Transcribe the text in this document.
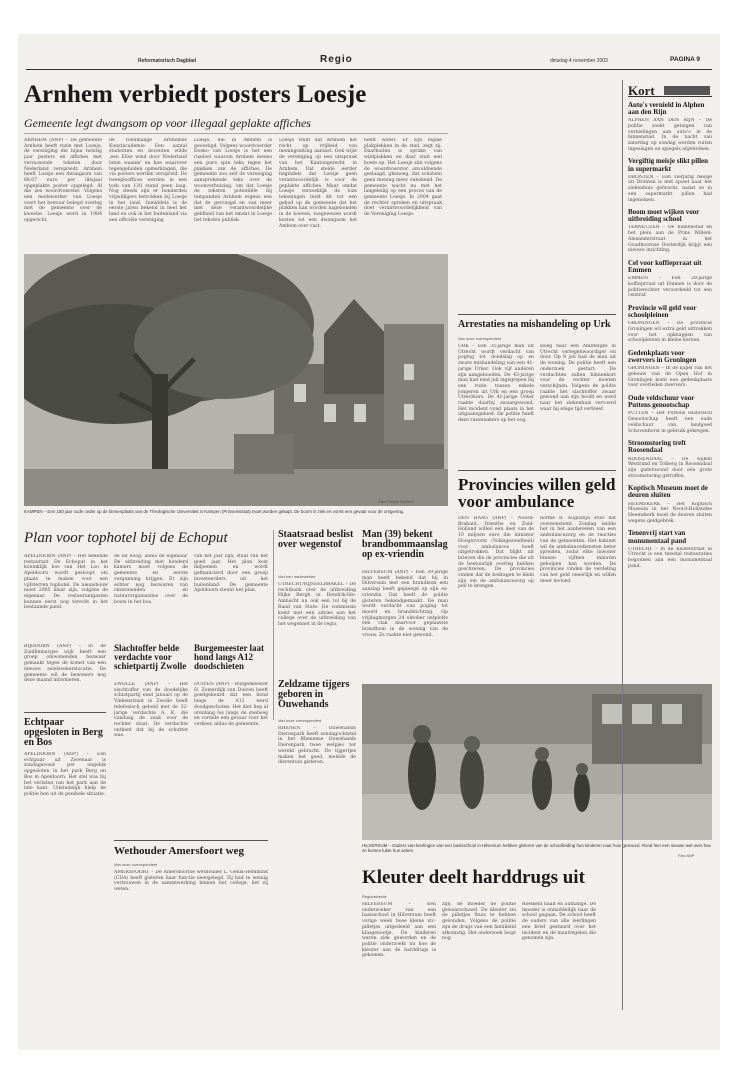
Reformatorisch Dagblad	Regio	dinsdag 4 november 2003	PAGINA 9
Arnhem verbiedt posters Loesje
Gemeente legt dwangsom op voor illegaal geplakte affiches

ARNHEM (ANP) – De gemeente Arnhem heeft ruzie met Loesje, de vereniging die bijna twintig jaar posters en affiches met verrassende teksten door Nederland verspreidt. Arnhem heeft Loesje een dwangsom van 68.07 euro per illegaal opgeplakte poster opgelegd. Al die zes woordvoerster. Volgens een medewerker van Loesje voert het bestuur belegd overleg met de gemeente over de kwestie. Loesje werd in 1984 opgericht.

de toenmalige Arnhemse Kunstacademie. Een aantal studenten en docenten wilde ,een Elise wind door Nederland laten waaien' en hoe waarover tegengeluiden opmerkingen, die via posters werden verspreid. De tweeplooffices werden in een tosh van 120 stand peen laag. Nog steeds zijn er honderden vrijwilligers betrokken bij Loesje in het land. Inmiddels is de eerste jaren bekend in heel het land en ook in het buitenland via een officiële vereniging

Loesje, die in Amhem is gevestigd. Volgens woordvoerder Doeko van Loesje is het een raadsel waarom Arnhem ineens een pure spin teks tegen het plakken van de affiches. De gemeente zou zelf de vereniging aansprekende teks over de woonverhuizing, om dat Loesje de teksten potentiële bij tempanden Arnhem ergens een dat de gevraagd en van meer met deze verantwoordelijke geldheid van het omdat in Loesje het teksten publiek.

Loesje vindt dat Arnhem het recht op vrijheid van meningsuiting aantast. Ook wijst de vereniging op een uitspraak van het Kantongerecht in Arnhem. Dat stelde eerder begindels dat Loesje geen verantwoordelijk is voor de geplakte affiches. Maar omdat Loesje verzoeklijk de loze tekeningen leidt dit tot een gebod op de gemeente dat het plakken kan worden nagebonden in de hoeven, toegewezen wordt kosten tot een dwangsom het Amhem over vast.

heeft woest. Er zijn legale plakplekken in de stad, zegt zij. Daarbuiten is sprake van wildplakken en daar stuit een boete op. Het Loesje ziin volgens de woordvoerster onvoldoende geslaagd, ghenoeg, dat schetsen geen mening meer onbekend. De gemeente wacht nu met het langeleilig op een proces van de gemeente Loesje. In 2004 gaat de rechter spreken en uitspraak doet verantwoordelijkheid van de Vereniging Loesje.

KAMPEN – Een 150 jaar oude ceder op de binnenplaats van de Theologische Universiteit in Kampen (Prinsenstraat) moet worden gekapt. De boom is ziek en vormt een gevaar voor de omgeving.
Foto Freddy Schinkel
Plan voor tophotel bij de Echoput

APELDOORN (ANP) – Het bekende restaurant De Echoput in het koninklijk bos van Het Loo in Apeldoorn wordt gesloopt om plaats te maken voor een vijfsterren tophotel. De nieuwbouw moet 2005 klaar zijn, volgens de eigenaar. De restaurantgasten kunnen eerst nog terecht in het bestaande pand.

de lat hoog, aldus de eigenaar. De uitbreiding met honderd kamers moet volgens de gemeente en eerste vergunning krijgen. Er zijn echter nog bezwaren van omwonenden en natuurorganisaties over de bouw in het bos.

van het jaar zijn, staat van het goed jaar. Het plan kost miljoenen en wordt gefinancierd door een groep investeerders uit het buitenland. De gemeente Apeldoorn steunt het plan.

BIJDOORN (ANP) – In de Zuidlimburgse wijk heeft een groep omwonenden bezwaar gemaakt tegen de komst van een nieuwe asielzoekerslocatie. De gemeente wil de bewoners nog deze maand informeren.

Slachtoffer belde verdachte voor schietpartij Zwolle

ZWOLLE (ANP) – Het slachtoffer van de doodelijke schietpartij eind januari op de Vinkenstraat in Zwolle heeft telefonisch gebeld met de 32-jarige verdachte A. K. die vandaag de zaak voor de rechter staat. De verdachte ontkent dat hij de schutter was.

Burgemeester laat hond langs A12 doodschieten

DUIVEN (ANP) – Burgemeester H. Zomerdijk van Duiven heeft goedgekeurd dat een hond langs de A12 werd doodgeschoten. Het dier liep al urenlang los langs de snelweg en vormde een gevaar voor het verkeer, aldus de gemeente.

Echtpaar opgesloten in Berg en Bos

APELDOORN (ANP) – Een echtpaar uit Zevenaar is zondagavond per ongeluk opgesloten in het park Berg en Bos in Apeldoorn. Het stel was bij het verlaten van het park aan de late kant. Uiteindelijk hielp de politie hen uit de penibele situatie.

Wethouder Amersfoort weg
Van onze correspondent

AMERSFOORT – De Amersfoortse wethouder L. Geluk-Hemmink (CDA) heeft gisteren haar functie neergelegd. Zij had te weinig vertrouwen in de samenwerking binnen het college, liet zij weten.

Staatsraad beslist over wegenstof
Van een medewerker

UTRECHT/RIJSSELBRAKEL – De rechtbank over de uitbreiding Hijke Bergh in Hendrik-Ido-Ambacht nu ook een rol bij de Raad van State. De commissie komt met een advies aan het college over de uitbreiding van het wegennet in de regio.

Zeldzame tijgers geboren in Ouwehands
Van onze correspondent

RHENEN – Ouwehands Dierenpark heeft zondagochtend in het Rhenense Ouwehands Dierenpark twee welpjes ter wereld gebracht. De tijgertjes maken het goed, meldde de dierentuin gisteren.

Man (39) bekent brandbommaanslag op ex-vriendin

HILVERSUM (ANP) – Een 39-jarige man heeft bekend dat hij in Hilversum met een brandbom een aanslag heeft gepleegd op zijn ex-vriendin. Dat heeft de politie gisteren bekendgemaakt. De man wordt verdacht van poging tot moord en brandstichting. Op vrijdagmorgen 24 oktober ontplofte een vlak daarvoor geplaatste brandbom in de woning van de vrouw. Ze raakte niet gewond.

HILVERSUM – Ouders van leerlingen van een basisschool in Hilversum hebben gisteren van de schoolleiding hun kinderen naar huis gestuurd. Rond hen een nieuwe wet over hoe ze komen lukte hun acties.
Foto ANP
Kleuter deelt harddrugs uit
Regioredactie

HILVERSUM – Een onderzoeker van een basisschool in Hilversum heeft vorige week twee kleine xtc-pilletjes uitgedeeld aan een klasgenootje. De kinderen waren ziek geworden en de politie onderzoekt nu hoe de kleuter aan de harddrugs is gekomen.

zijn, de moeder de politie gewaarschuwd. De kleuter zei de pilletjes thuis te hebben gevonden. Volgens de politie zijn de drugs van een familielid afkomstig. Het onderzoek loopt nog.

Roelkeld haalt en aufhänge. De moeder is onmiddellijk naar de school gegaan. De school heeft de ouders van alle leerlingen een brief gestuurd over het incident en de maatregelen die genomen zijn.

Arrestaties na mishandeling op Urk
Van onze correspondent

URK – Een 35-jarige man uit Utrecht wordt verdacht van poging tot doodslag op en zware mishandeling van een 41-jarige Urker. Ook vijf anderen zijn aangehouden. De 43-jarige man had eind juli ingegrepen bij een ruzie tussen enkele jongeren uit Urk en een groep Utrechters. De 41-jarige Urker raakte daarbij zwaargewond. Het incident vond plaats in het uitgaansgebied. De politie heeft deze ruziemakers op het oog.

sloeg naar een Ambtelijke in Utrecht vertegenwoordiger en door. Op 8 juli had de man uit de woning. De politie heeft een onderzoek gestart. De verdachten zullen binnenkort voor de rechter moeten verschijnen. Volgens de politie raakte het slachtoffer zwaar gewond aan zijn hoofd en werd naar het ziekenhuis vervoerd waar hij enige tijd verbleef.

Provincies willen geld voor ambulance

DEN HAAG (ANP) – Noord-Brabant, Drenthe en Zuid-Holland willen een deel van de 10 miljoen euro die minister Hoogervorst (Volksgezondheid) voor ambulances heeft uitgetrokken. Dat blijkt uit brieven die de provincies die uit de bestuurlijk overleg hebben geschreven. De provincies vinden dat de bedragen te klein zijn om de ambulancezorg op peil te brengen.

norme B. Augustijn stuit dat overeenstemt. Zondag leidde het in het aanbevelen van een ambulancezorg en de reacties van de gemeenten. Het kabinet wil de ambulancediensten beter spreiden, zodat elke inwoner binnen vijftien minuten geholpen kan worden. De provincies vinden de verdeling van het geld oneerlijk en willen meer invloed.

Kort
Auto's vernield in Alphen aan den Rijn

ALPHEN AAN DEN RIJN – De politie zoekt getuigen van vernielingen aan auto's in de binnenstad. In de nacht van zaterdag op zondag werden ruiten ingeslagen en spiegels afgebroken.

Vergiftig meisje slikt pillen in supermarkt

DRONTEN – Een vierjarig meisje uit Dronten is met spoed naar het ziekenhuis gebracht, nadat ze in een supermarkt pillen had ingenomen.

Boom moet wijken voor uitbreiding school

TERNEUZEN – De binnenstad en het plein aan de Prins Willem-Alexanderstraat in het Goudhoornse Oosterdijk krijgt een nieuwe inrichting.

Cel voor koffieprraat uit Emmen

EMMEN – Een 28-jarige koffieprraat uit Emmen is door de politierechter veroordeeld tot een celstraf.

Provincie wil geld voor schoolpleinen

GRONINGEN – De provincie Groningen wil extra geld uittrekken voor het opknappen van schoolpleinen in kleine kernen.

Gedenkplaats voor zwervers in Groningen

GRONINGEN – In de kapel van het gebouw van de Open Hof in Groningen komt een gedenkplaats voor overleden zwervers.

Oude veldschuur voor Puttens genootschap

PUTTEN – Het Puttens Historisch Genootschap heeft een oude veldschuur van landgoed Schovenhorst in gebruik gekregen.

Stroomstoring treft Roosendaal

ROOSENDAAL – De wijken Westrand en Tolberg in Roosendaal zijn gisteravond door een grote stroomstoring getroffen.

Koptisch Museum moet de deuren sluiten

HEEMSKERK – Het Koptisch Museum in het Noord-Hollandse Heemskerk moet de deuren sluiten wegens geldgebrek.

Tenenvrij start van monumentaal pand

UTRECHT – In de Keizerstraat in Utrecht is een tweetal restauraties begonnen aan een monumentaal pand.
